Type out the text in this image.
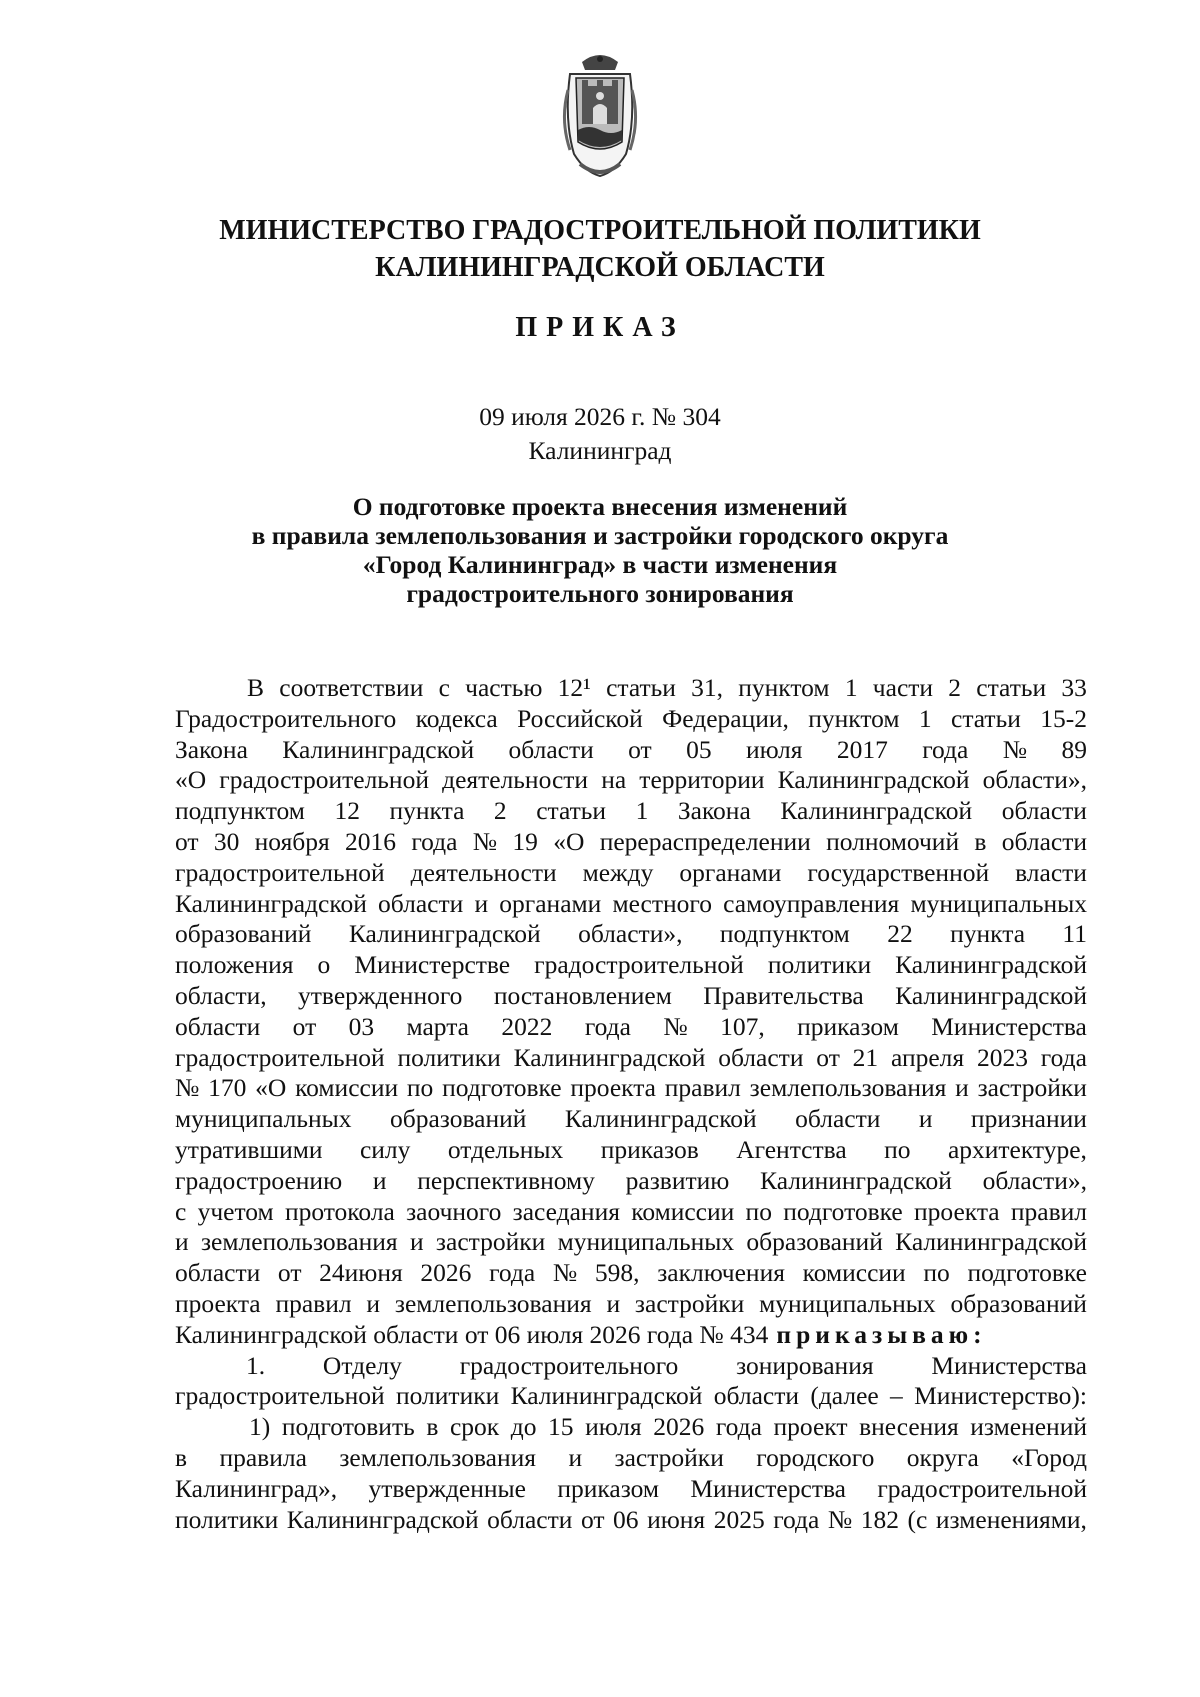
МИНИСТЕРСТВО ГРАДОСТРОИТЕЛЬНОЙ ПОЛИТИКИ
КАЛИНИНГРАДСКОЙ ОБЛАСТИ
ПРИКАЗ
09 июля 2026 г. № 304
Калининград
О подготовке проекта внесения изменений
в правила землепользования и застройки городского округа
«Город Калининград» в части изменения
градостроительного зонирования
В соответствии с частью 12¹ статьи 31, пунктом 1 части 2 статьи 33
Градостроительного кодекса Российской Федерации, пунктом 1 статьи 15-2
Закона Калининградской области от 05 июля 2017 года № 89
«О градостроительной деятельности на территории Калининградской области»,
подпунктом 12 пункта 2 статьи 1 Закона Калининградской области
от 30 ноября 2016 года № 19 «О перераспределении полномочий в области
градостроительной деятельности между органами государственной власти
Калининградской области и органами местного самоуправления муниципальных
образований Калининградской области», подпунктом 22 пункта 11
положения о Министерстве градостроительной политики Калининградской
области, утвержденного постановлением Правительства Калининградской
области от 03 марта 2022 года № 107, приказом Министерства
градостроительной политики Калининградской области от 21 апреля 2023 года
№ 170 «О комиссии по подготовке проекта правил землепользования и застройки
муниципальных образований Калининградской области и признании
утратившими силу отдельных приказов Агентства по архитектуре,
градостроению и перспективному развитию Калининградской области»,
с учетом протокола заочного заседания комиссии по подготовке проекта правил
и землепользования и застройки муниципальных образований Калининградской
области от 24июня 2026 года № 598, заключения комиссии по подготовке
проекта правил и землепользования и застройки муниципальных образований
Калининградской области от 06 июля 2026 года № 434 приказываю:
1. Отделу градостроительного зонирования Министерства
градостроительной политики Калининградской области (далее – Министерство):
1) подготовить в срок до 15 июля 2026 года проект внесения изменений
в правила землепользования и застройки городского округа «Город
Калининград», утвержденные приказом Министерства градостроительной
политики Калининградской области от 06 июня 2025 года № 182 (с изменениями,
